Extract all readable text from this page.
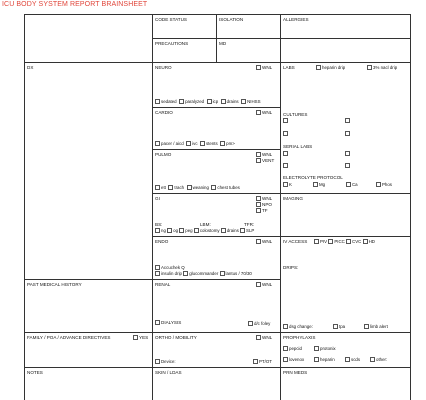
ICU BODY SYSTEM REPORT BRAINSHEET
CODE STATUS	ISOLATION	ALLERGIES
PRECAUTIONS	MD
DX
PAST MEDICAL HISTORY
FAMILY / POA / ADVANCE DIRECTIVES	YES
NOTES
NEURO	WNL
sedated paralyzed icp drains NIHSS
CARDIO	WNL
pacer / aicd ivc stents pm>
PULMO	WNL
VENT
ett trach weaning chest tubes
GI	WNL
NPO
TF
BS:	LBM:	TFR:
ng og peg colostomy drains SLP
ENDO	WNL
Accuchek Q
insulin drip glucommander lantus / 70/30
RENAL	WNL
DIALYSIS	d/c foley
ORTHO / MOBILITY	WNL
Device:	PT/OT
SKIN / LDAS
LABS	heparin drip	3% nacl drip
CULTURES
SERIAL LABS
ELECTROLYTE PROTOCOL
K	Mg	Ca	Phos
IMAGING
IV ACCESS	PIV PICC CVC HD
DRIPS:
dsg change:	tpa	limb alert
PROPHYLAXIS
pepcid	protonix
lovenox	heparin	scds	other:
PRN MEDS
